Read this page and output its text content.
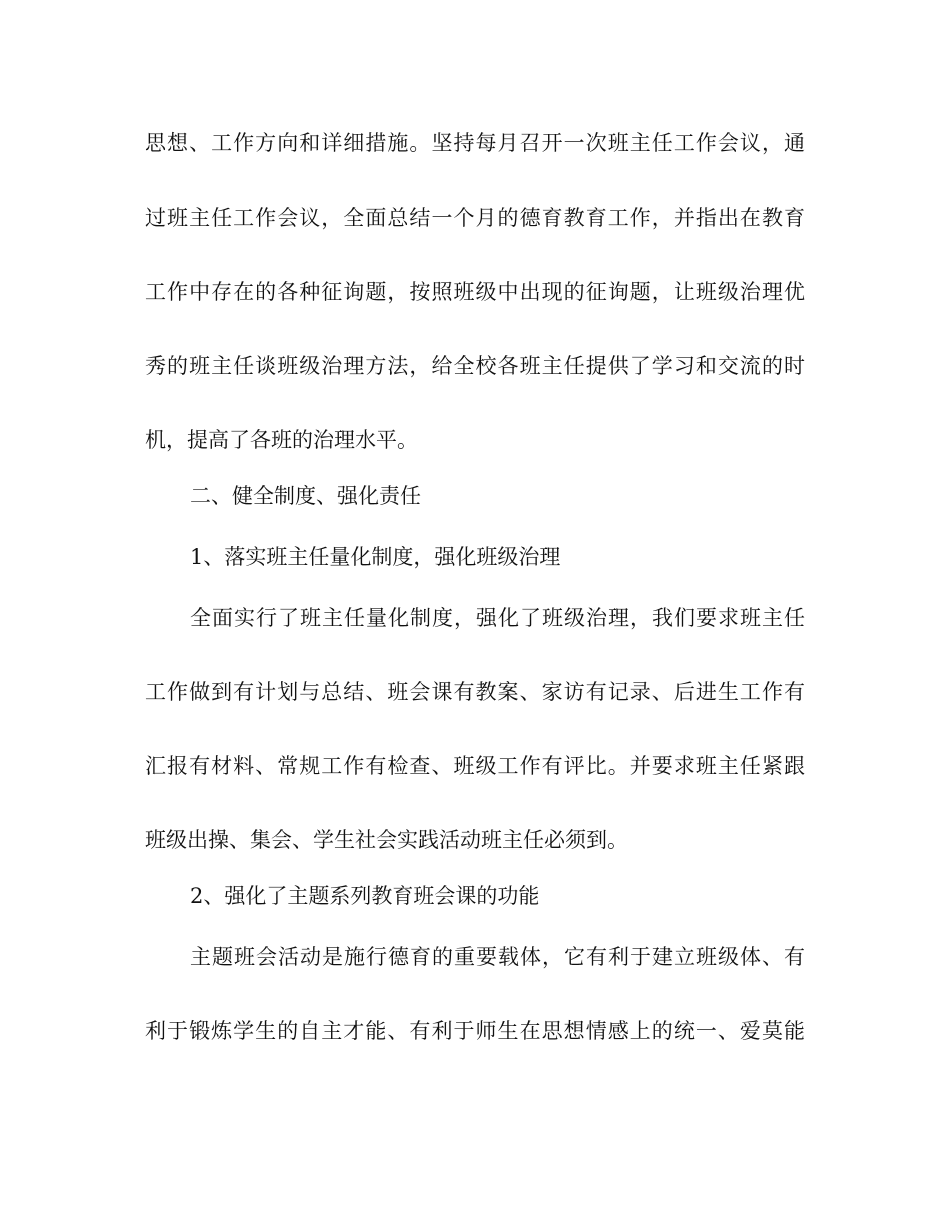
思想、工作方向和详细措施。坚持每月召开一次班主任工作会议，通
过班主任工作会议，全面总结一个月的德育教育工作，并指出在教育
工作中存在的各种征询题，按照班级中出现的征询题，让班级治理优
秀的班主任谈班级治理方法，给全校各班主任提供了学习和交流的时
机，提高了各班的治理水平。
二、健全制度、强化责任
1、落实班主任量化制度，强化班级治理
全面实行了班主任量化制度，强化了班级治理，我们要求班主任
工作做到有计划与总结、班会课有教案、家访有记录、后进生工作有
汇报有材料、常规工作有检查、班级工作有评比。并要求班主任紧跟
班级出操、集会、学生社会实践活动班主任必须到。
2、强化了主题系列教育班会课的功能
主题班会活动是施行德育的重要载体，它有利于建立班级体、有
利于锻炼学生的自主才能、有利于师生在思想情感上的统一、爱莫能
